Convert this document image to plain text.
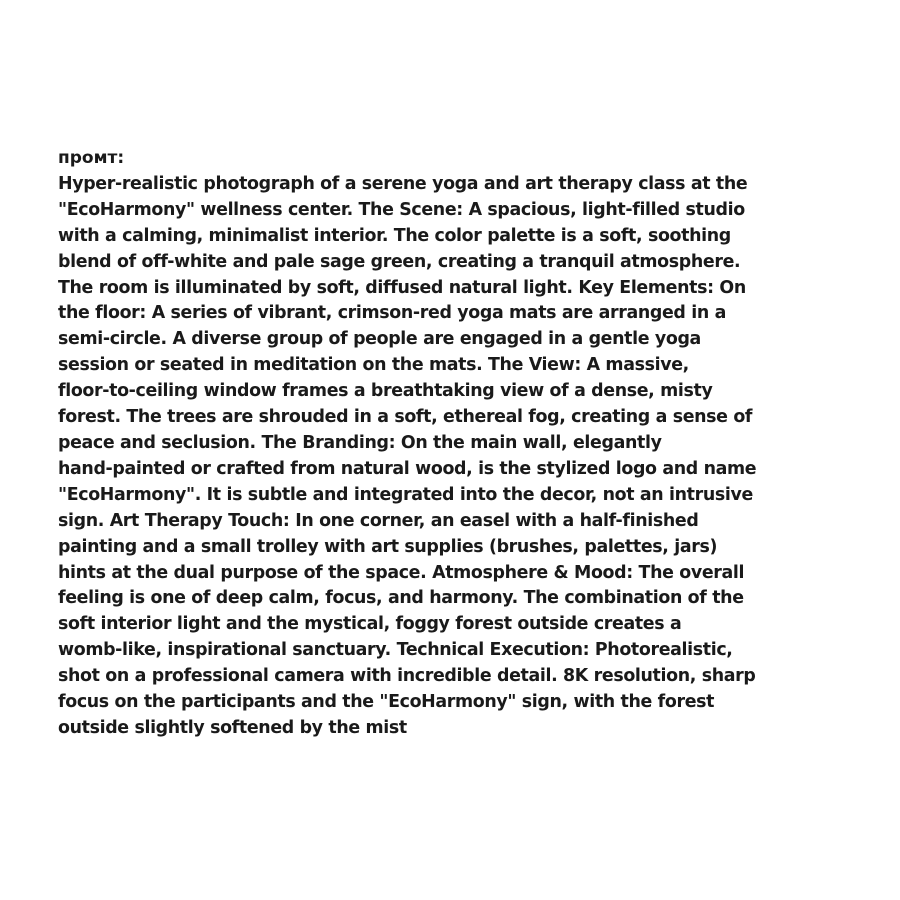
промт:

Hyper-realistic photograph of a serene yoga and art therapy class at the
"EcoHarmony" wellness center. The Scene: A spacious, light-filled studio
with a calming, minimalist interior. The color palette is a soft, soothing
blend of off-white and pale sage green, creating a tranquil atmosphere.
The room is illuminated by soft, diffused natural light. Key Elements: On
the floor: A series of vibrant, crimson-red yoga mats are arranged in a
semi-circle. A diverse group of people are engaged in a gentle yoga
session or seated in meditation on the mats. The View: A massive,
floor-to-ceiling window frames a breathtaking view of a dense, misty
forest. The trees are shrouded in a soft, ethereal fog, creating a sense of
peace and seclusion. The Branding: On the main wall, elegantly
hand-painted or crafted from natural wood, is the stylized logo and name
"EcoHarmony". It is subtle and integrated into the decor, not an intrusive
sign. Art Therapy Touch: In one corner, an easel with a half-finished
painting and a small trolley with art supplies (brushes, palettes, jars)
hints at the dual purpose of the space. Atmosphere & Mood: The overall
feeling is one of deep calm, focus, and harmony. The combination of the
soft interior light and the mystical, foggy forest outside creates a
womb-like, inspirational sanctuary. Technical Execution: Photorealistic,
shot on a professional camera with incredible detail. 8K resolution, sharp
focus on the participants and the "EcoHarmony" sign, with the forest
outside slightly softened by the mist
